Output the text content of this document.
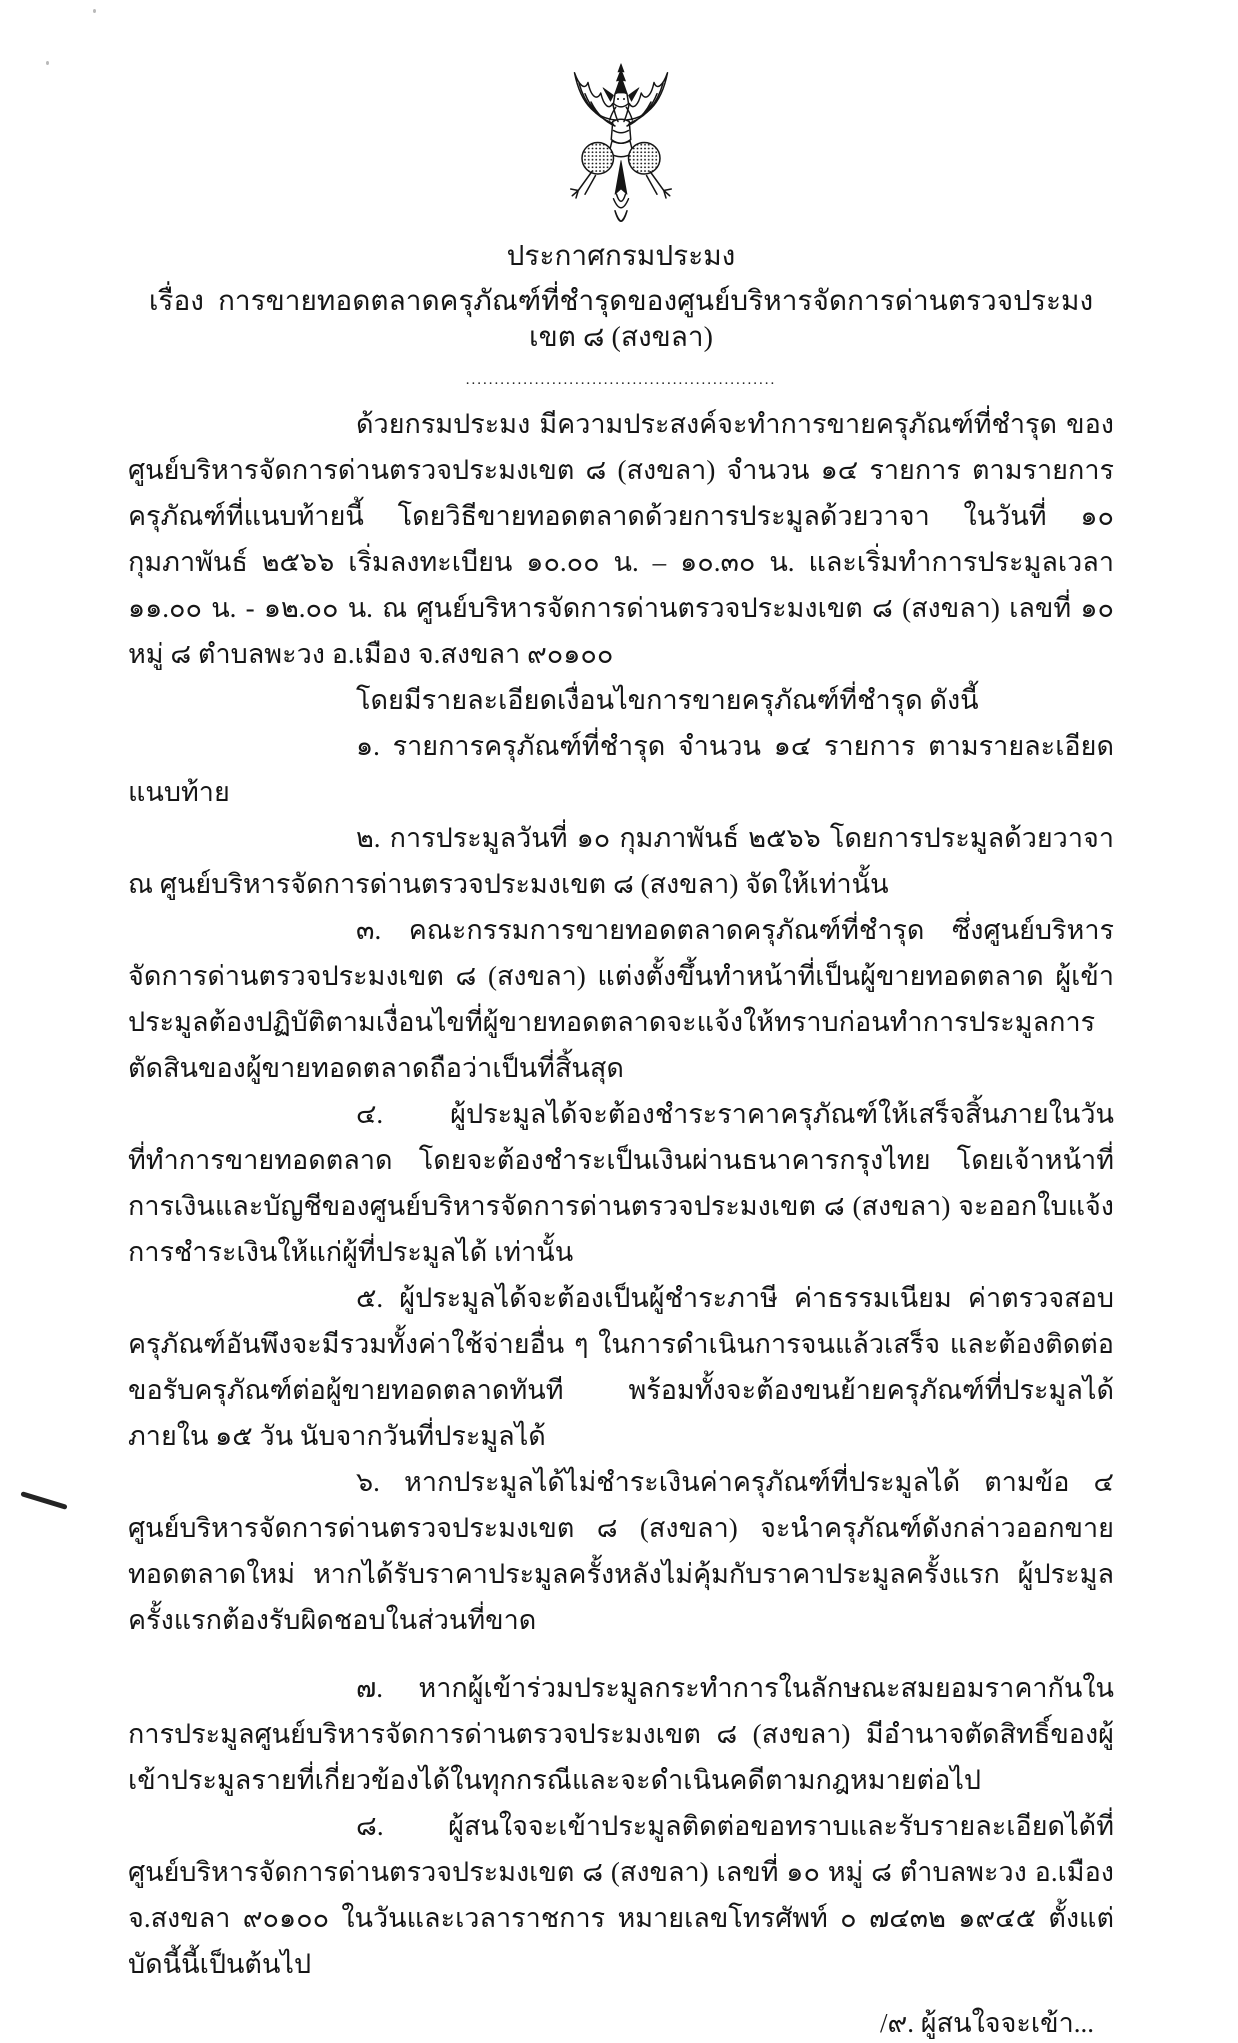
ประกาศกรมประมง
เรื่อง  การขายทอดตลาดครุภัณฑ์ที่ชำรุดของศูนย์บริหารจัดการด่านตรวจประมงเขต ๘ (สงขลา)
......................................................

ด้วยกรมประมง มีความประสงค์จะทำการขายครุภัณฑ์ที่ชำรุด ของศูนย์บริหารจัดการด่านตรวจประมงเขต ๘ (สงขลา) จำนวน ๑๔ รายการ ตามรายการครุภัณฑ์ที่แนบท้ายนี้ โดยวิธีขายทอดตลาดด้วยการประมูลด้วยวาจา ในวันที่ ๑๐ กุมภาพันธ์ ๒๕๖๖ เริ่มลงทะเบียน ๑๐.๐๐ น. – ๑๐.๓๐ น. และเริ่มทำการประมูลเวลา ๑๑.๐๐ น. - ๑๒.๐๐ น. ณ ศูนย์บริหารจัดการด่านตรวจประมงเขต ๘ (สงขลา) เลขที่ ๑๐ หมู่ ๘ ตำบลพะวง อ.เมือง จ.สงขลา ๙๐๑๐๐

โดยมีรายละเอียดเงื่อนไขการขายครุภัณฑ์ที่ชำรุด ดังนี้

๑. รายการครุภัณฑ์ที่ชำรุด จำนวน ๑๔ รายการ ตามรายละเอียดแนบท้าย

๒. การประมูลวันที่ ๑๐ กุมภาพันธ์ ๒๕๖๖ โดยการประมูลด้วยวาจา ณ ศูนย์บริหารจัดการด่านตรวจประมงเขต ๘ (สงขลา) จัดให้เท่านั้น

๓. คณะกรรมการขายทอดตลาดครุภัณฑ์ที่ชำรุด ซึ่งศูนย์บริหารจัดการด่านตรวจประมงเขต ๘ (สงขลา) แต่งตั้งขึ้นทำหน้าที่เป็นผู้ขายทอดตลาด ผู้เข้าประมูลต้องปฏิบัติตามเงื่อนไขที่ผู้ขายทอดตลาดจะแจ้งให้ทราบก่อนทำการประมูลการตัดสินของผู้ขายทอดตลาดถือว่าเป็นที่สิ้นสุด

๔. ผู้ประมูลได้จะต้องชำระราคาครุภัณฑ์ให้เสร็จสิ้นภายในวันที่ทำการขายทอดตลาด โดยจะต้องชำระเป็นเงินผ่านธนาคารกรุงไทย โดยเจ้าหน้าที่การเงินและบัญชีของศูนย์บริหารจัดการด่านตรวจประมงเขต ๘ (สงขลา) จะออกใบแจ้งการชำระเงินให้แก่ผู้ที่ประมูลได้ เท่านั้น

๕. ผู้ประมูลได้จะต้องเป็นผู้ชำระภาษี ค่าธรรมเนียม ค่าตรวจสอบครุภัณฑ์อันพึงจะมีรวมทั้งค่าใช้จ่ายอื่น ๆ ในการดำเนินการจนแล้วเสร็จ และต้องติดต่อขอรับครุภัณฑ์ต่อผู้ขายทอดตลาดทันที พร้อมทั้งจะต้องขนย้ายครุภัณฑ์ที่ประมูลได้ ภายใน ๑๕ วัน นับจากวันที่ประมูลได้

๖. หากประมูลได้ไม่ชำระเงินค่าครุภัณฑ์ที่ประมูลได้ ตามข้อ ๔ ศูนย์บริหารจัดการด่านตรวจประมงเขต ๘ (สงขลา) จะนำครุภัณฑ์ดังกล่าวออกขายทอดตลาดใหม่ หากได้รับราคาประมูลครั้งหลังไม่คุ้มกับราคาประมูลครั้งแรก ผู้ประมูลครั้งแรกต้องรับผิดชอบในส่วนที่ขาด

๗. หากผู้เข้าร่วมประมูลกระทำการในลักษณะสมยอมราคากันในการประมูลศูนย์บริหารจัดการด่านตรวจประมงเขต ๘ (สงขลา) มีอำนาจตัดสิทธิ์ของผู้เข้าประมูลรายที่เกี่ยวข้องได้ในทุกกรณีและจะดำเนินคดีตามกฎหมายต่อไป

๘. ผู้สนใจจะเข้าประมูลติดต่อขอทราบและรับรายละเอียดได้ที่ ศูนย์บริหารจัดการด่านตรวจประมงเขต ๘ (สงขลา) เลขที่ ๑๐ หมู่ ๘ ตำบลพะวง อ.เมือง จ.สงขลา ๙๐๑๐๐ ในวันและเวลาราชการ หมายเลขโทรศัพท์ ๐ ๗๔๓๒ ๑๙๔๕ ตั้งแต่บัดนี้นี้เป็นต้นไป

/๙. ผู้สนใจจะเข้า...
